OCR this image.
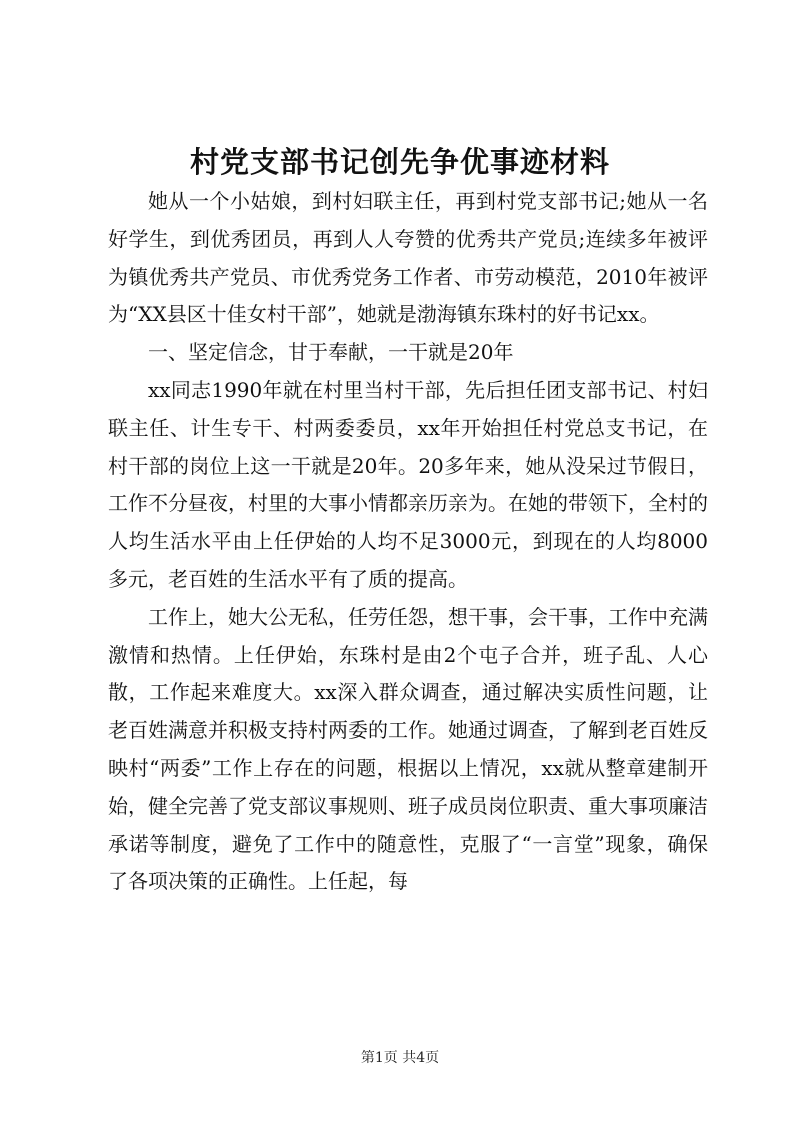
村党支部书记创先争优事迹材料

她从一个小姑娘，到村妇联主任，再到村党支部书记;她从一名好学生，到优秀团员，再到人人夸赞的优秀共产党员;连续多年被评为镇优秀共产党员、市优秀党务工作者、市劳动模范，2010年被评为“XX县区十佳女村干部”，她就是渤海镇东珠村的好书记xx。

一、坚定信念，甘于奉献，一干就是20年

xx同志1990年就在村里当村干部，先后担任团支部书记、村妇联主任、计生专干、村两委委员，xx年开始担任村党总支书记，在村干部的岗位上这一干就是20年。20多年来，她从没呆过节假日，工作不分昼夜，村里的大事小情都亲历亲为。在她的带领下，全村的人均生活水平由上任伊始的人均不足3000元，到现在的人均8000多元，老百姓的生活水平有了质的提高。

工作上，她大公无私，任劳任怨，想干事，会干事，工作中充满激情和热情。上任伊始，东珠村是由2个屯子合并，班子乱、人心散，工作起来难度大。xx深入群众调查，通过解决实质性问题，让老百姓满意并积极支持村两委的工作。她通过调查，了解到老百姓反映村“两委”工作上存在的问题，根据以上情况，xx就从整章建制开始，健全完善了党支部议事规则、班子成员岗位职责、重大事项廉洁承诺等制度，避免了工作中的随意性，克服了“一言堂”现象，确保了各项决策的正确性。上任起，每

第1页 共4页
